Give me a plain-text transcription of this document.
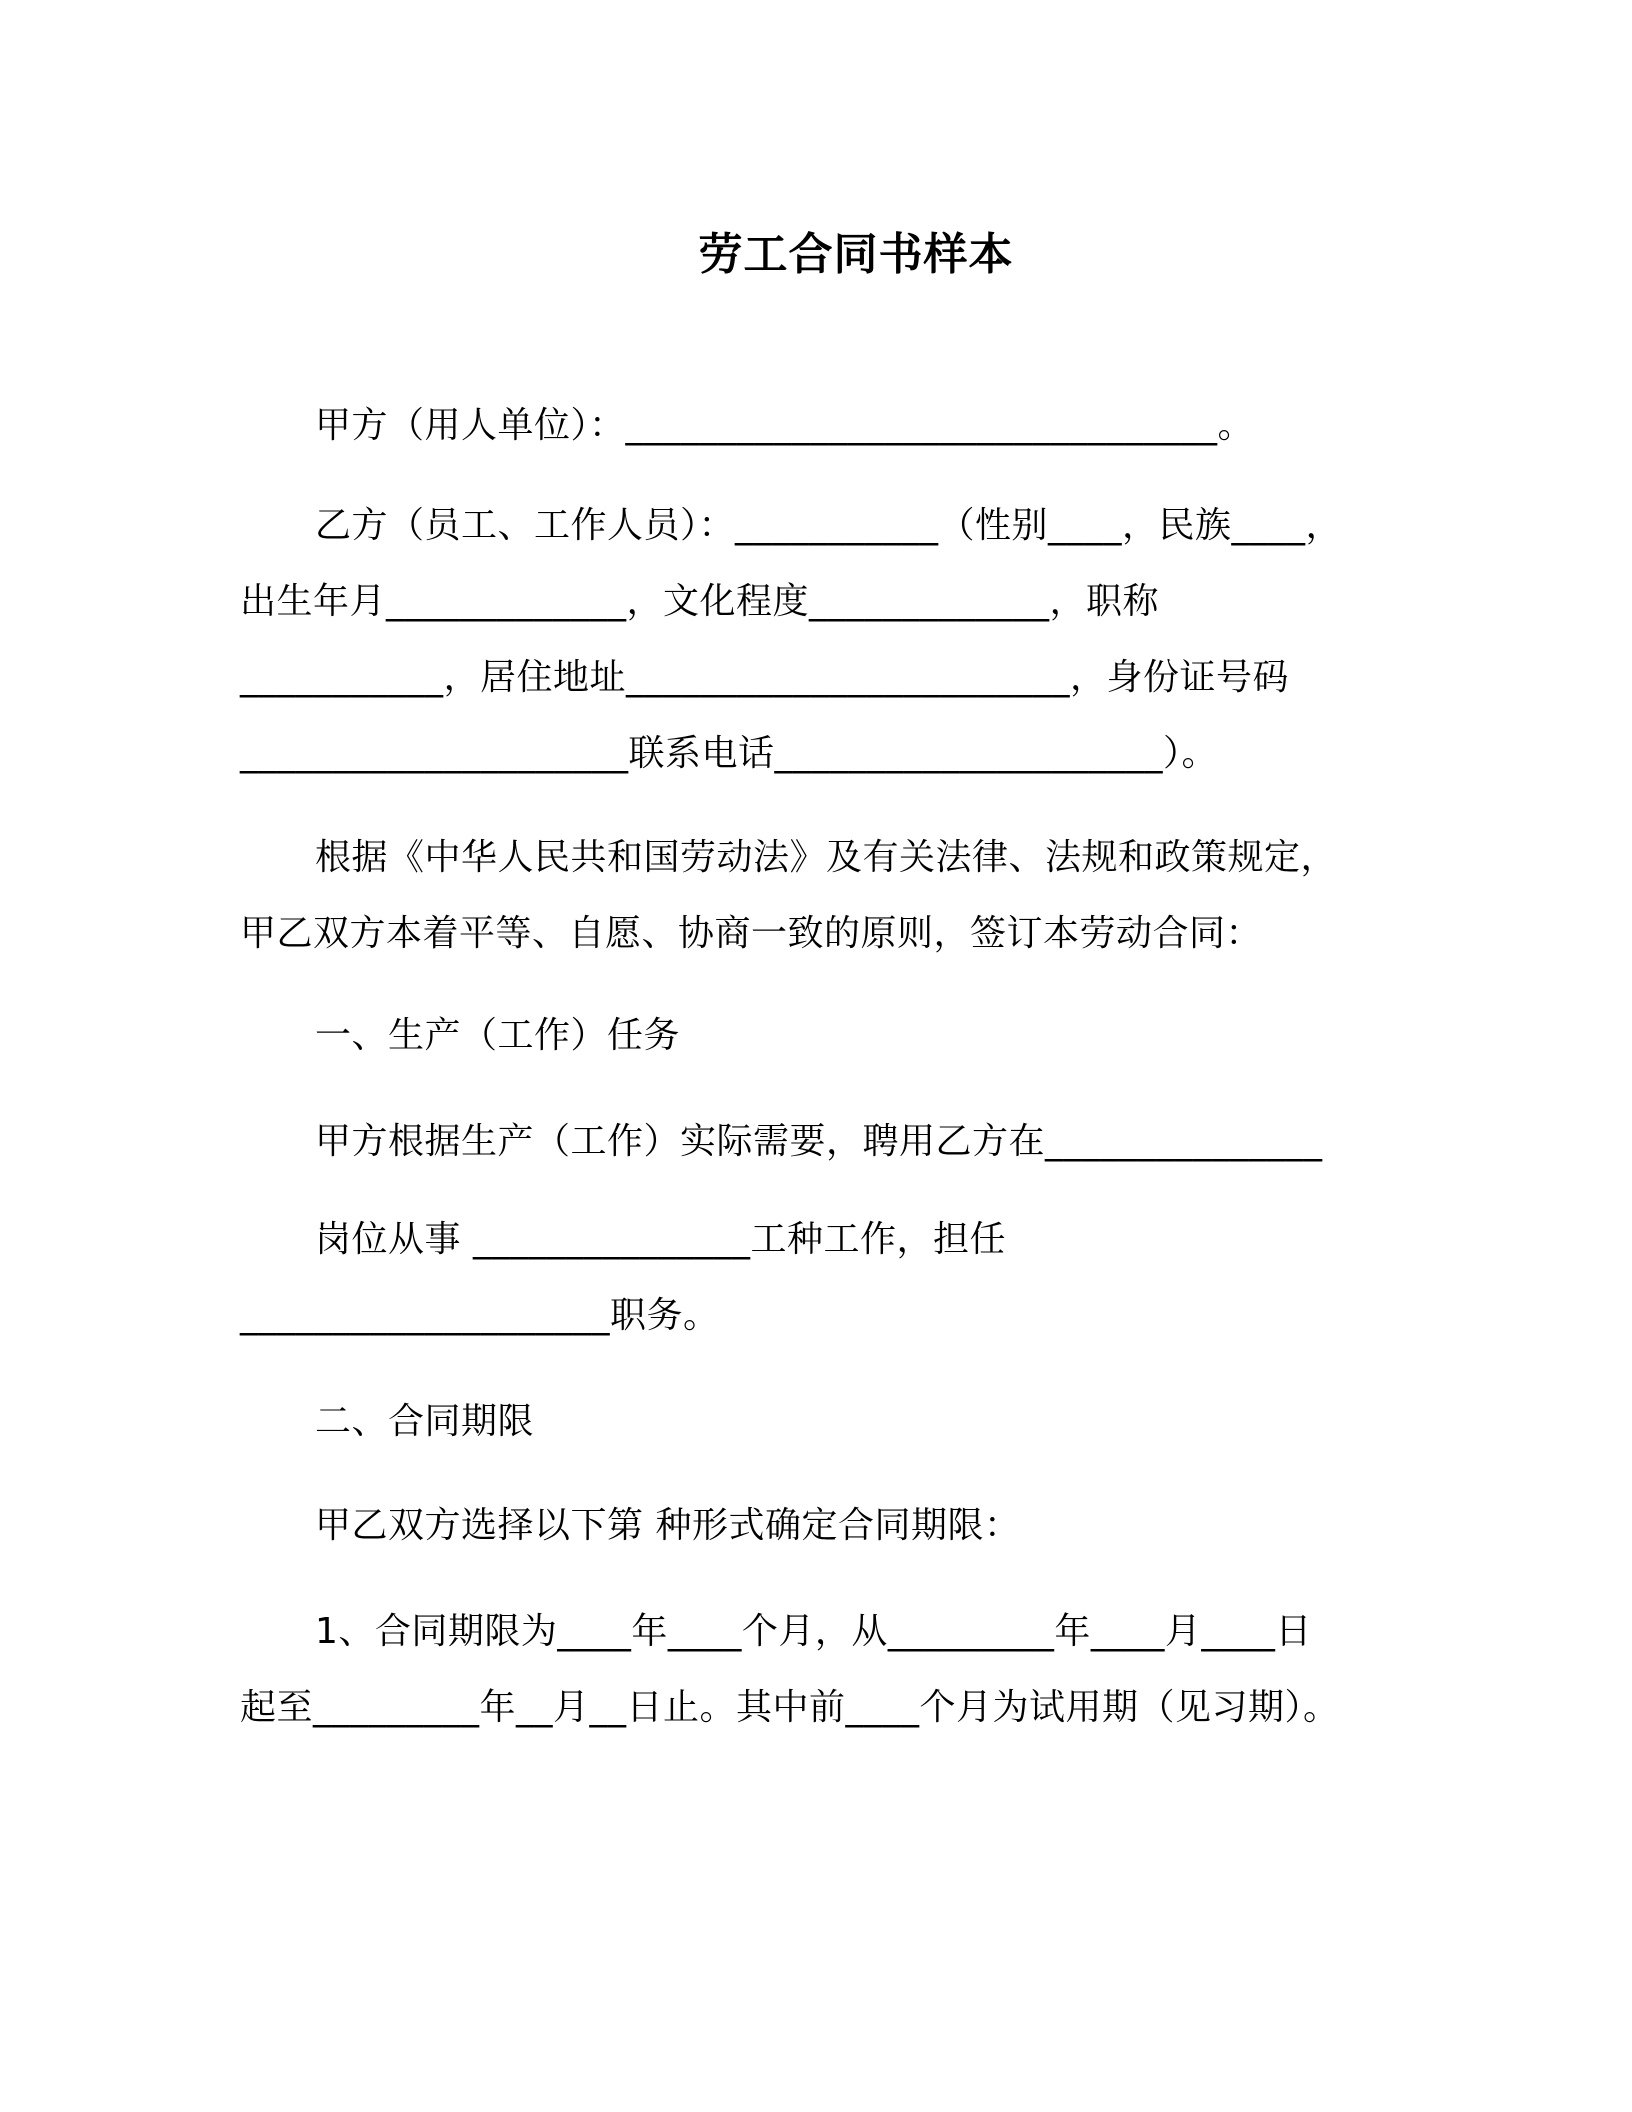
劳工合同书样本
甲方（用人单位）：________________________________。
乙方（员工、工作人员）：___________（性别____，民族____，
出生年月_____________，文化程度_____________，职称
___________，居住地址________________________，身份证号码
_____________________联系电话_____________________）。
根据《中华人民共和国劳动法》及有关法律、法规和政策规定，
甲乙双方本着平等、自愿、协商一致的原则，签订本劳动合同：
一、生产（工作）任务
甲方根据生产（工作）实际需要，聘用乙方在_______________
岗位从事 _______________工种工作，担任
____________________职务。
二、合同期限
甲乙双方选择以下第 种形式确定合同期限：
1、合同期限为____年____个月，从_________年____月____日
起至_________年__月__日止。其中前____个月为试用期（见习期）。
